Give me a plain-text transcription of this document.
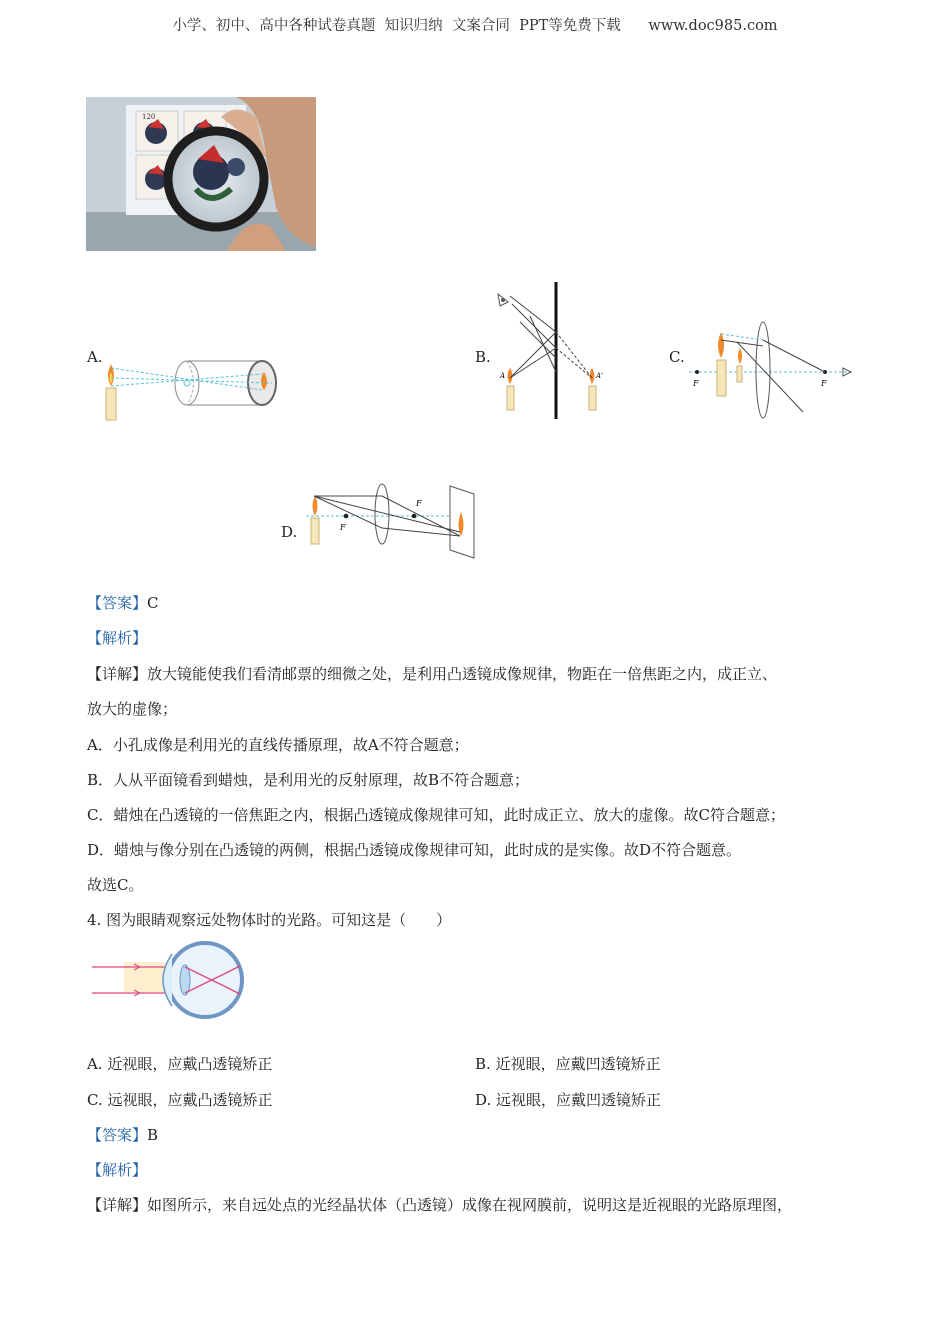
小学、初中、高中各种试卷真题  知识归纳  文案合同  PPT等免费下载      www.doc985.com
120
A.	B.
A	A'
C.
F	F
D.	F
F
【答案】C
【解析】
【详解】放大镜能使我们看清邮票的细微之处，是利用凸透镜成像规律，物距在一倍焦距之内，成正立、
放大的虚像；
A．小孔成像是利用光的直线传播原理，故A不符合题意；
B．人从平面镜看到蜡烛，是利用光的反射原理，故B不符合题意；
C．蜡烛在凸透镜的一倍焦距之内，根据凸透镜成像规律可知，此时成正立、放大的虚像。故C符合题意；
D．蜡烛与像分别在凸透镜的两侧，根据凸透镜成像规律可知，此时成的是实像。故D不符合题意。
故选C。
4. 图为眼睛观察远处物体时的光路。可知这是（　　）
A. 近视眼，应戴凸透镜矫正	B. 近视眼，应戴凹透镜矫正
C. 远视眼，应戴凸透镜矫正	D. 远视眼，应戴凹透镜矫正
【答案】B
【解析】
【详解】如图所示，来自远处点的光经晶状体（凸透镜）成像在视网膜前，说明这是近视眼的光路原理图，
